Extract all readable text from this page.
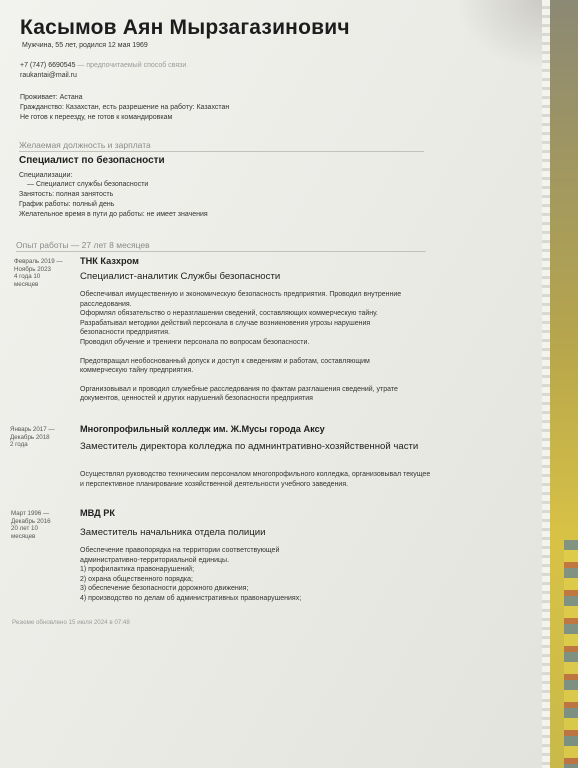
Касымов Аян Мырзагазинович
Мужчина, 55 лет, родился 12 мая 1969
+7 (747) 6690545 — предпочитаемый способ связи
raukantai@mail.ru
Проживает: Астана
Гражданство: Казахстан, есть разрешение на работу: Казахстан
Не готов к переезду, не готов к командировкам
Желаемая должность и зарплата
Специалист по безопасности
Специализации:
— Специалист службы безопасности
Занятость: полная занятость
График работы: полный день
Желательное время в пути до работы: не имеет значения
Опыт работы — 27 лет 8 месяцев
Февраль 2019 —
Ноябрь 2023
4 года 10
месяцев
ТНК Казхром
Специалист-аналитик Службы безопасности

Обеспечивал имущественную и экономическую безопасность предприятия. Проводил внутренние расследования.

Оформлял обязательство о неразглашении сведений, составляющих коммерческую тайну.

Разрабатывал методики действий персонала в случае возникновения угрозы нарушения безопасности предприятия.

Проводил обучение и тренинги персонала по вопросам безопасности.

Предотвращал необоснованный допуск и доступ к сведениям и работам, составляющим коммерческую тайну предприятия.

Организовывал и проводил служебные расследования по фактам разглашения сведений, утрате документов, ценностей и других нарушений безопасности предприятия

Январь 2017 —
Декабрь 2018
2 года
Многопрофильный колледж им. Ж.Мусы города Аксу
Заместитель директора колледжа по адмнинтративно-хозяйственной части

Осуществлял руководство техническим персоналом многопрофильного колледжа, организовывал текущее и перспективное планирование хозяйственной деятельности учебного заведения.

Март 1996 —
Декабрь 2016
20 лет 10
месяцев
МВД РК
Заместитель начальника отдела полиции

Обеспечение правопорядка на территории соответствующей административно-территориальной единицы.

1) профилактика правонарушений;

2) охрана общественного порядка;

3) обеспечение безопасности дорожного движения;

4) производство по делам об административных правонарушениях;

Резюме обновлено 15 июля 2024 в 07:48
